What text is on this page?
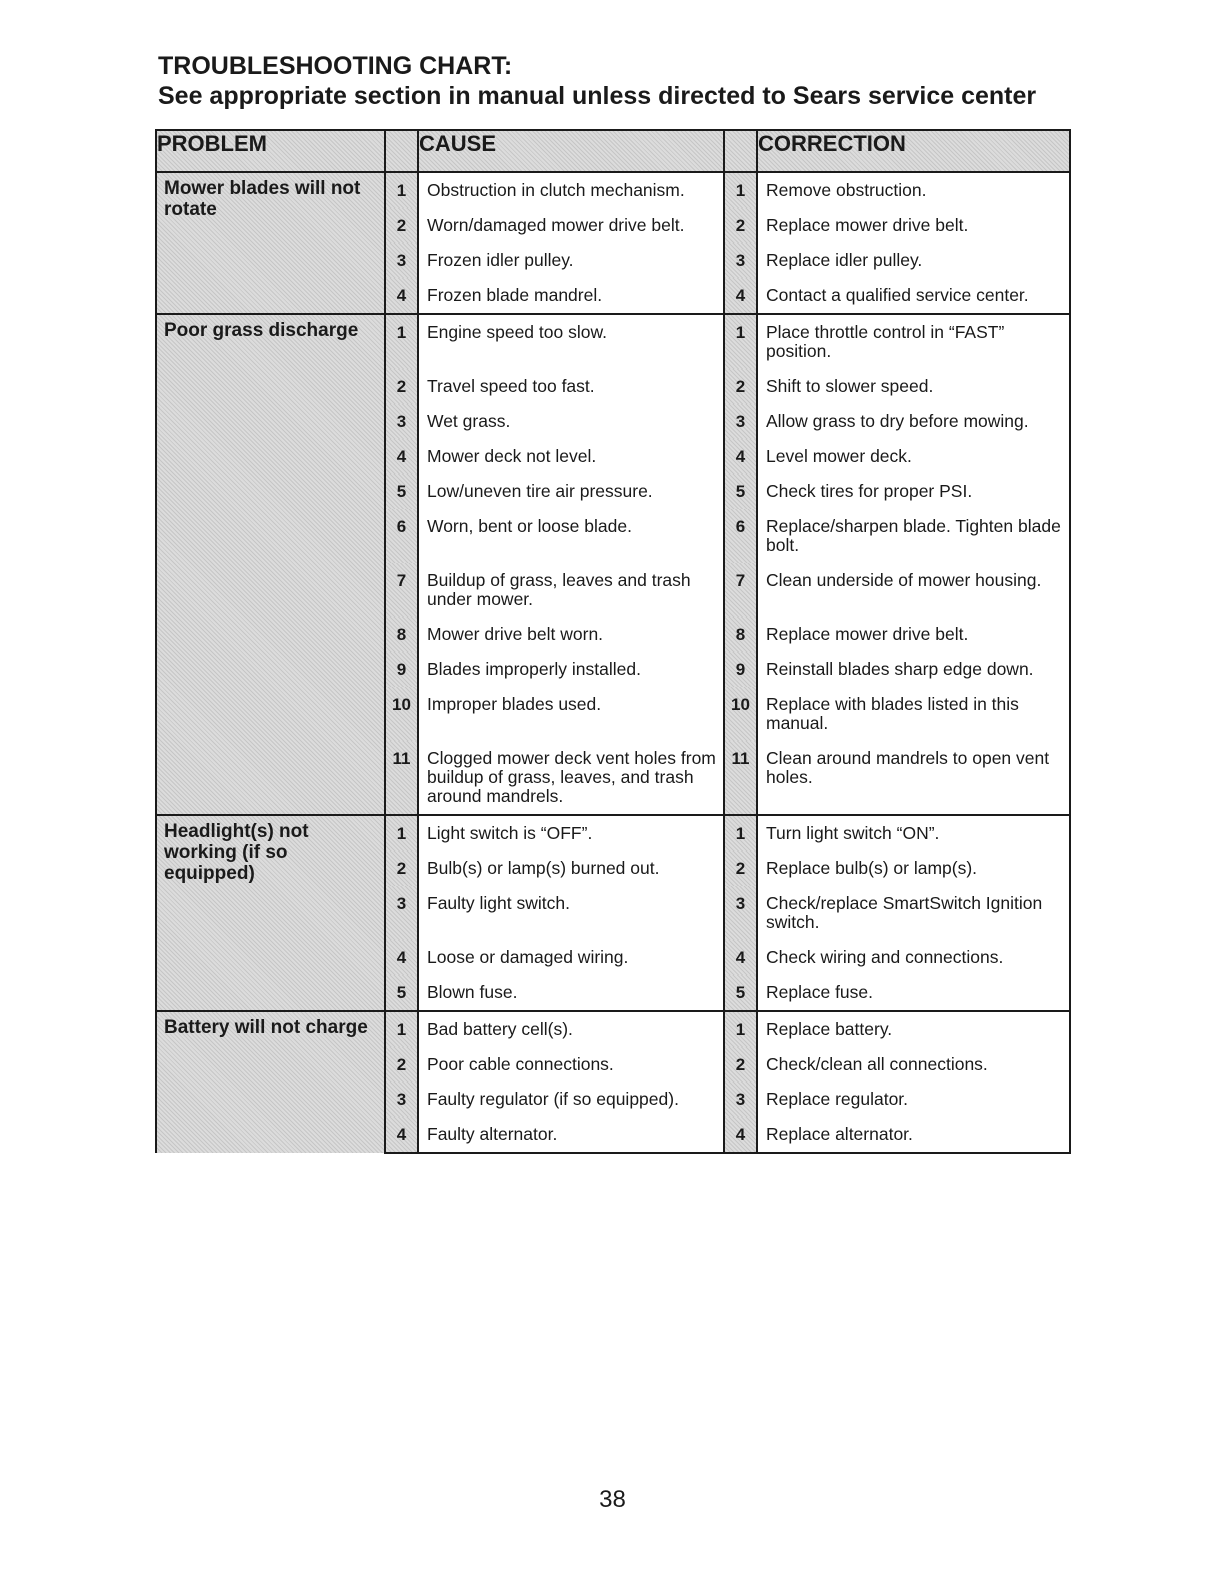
TROUBLESHOOTING CHART:
See appropriate section in manual unless directed to Sears service center
PROBLEM		CAUSE		CORRECTION
Mower blades will not rotate	1	Obstruction in clutch mechanism.	1	Remove obstruction.
	2	Worn/damaged mower drive belt.	2	Replace mower drive belt.
	3	Frozen idler pulley.	3	Replace idler pulley.
	4	Frozen blade mandrel.	4	Contact a qualified service center.
Poor grass discharge	1	Engine speed too slow.	1	Place throttle control in “FAST” position.
	2	Travel speed too fast.	2	Shift to slower speed.
	3	Wet grass.	3	Allow grass to dry before mowing.
	4	Mower deck not level.	4	Level mower deck.
	5	Low/uneven tire air pressure.	5	Check tires for proper PSI.
	6	Worn, bent or loose blade.	6	Replace/sharpen blade. Tighten blade bolt.
	7	Buildup of grass, leaves and trash under mower.	7	Clean underside of mower housing.
	8	Mower drive belt worn.	8	Replace mower drive belt.
	9	Blades improperly installed.	9	Reinstall blades sharp edge down.
	10	Improper blades used.	10	Replace with blades listed in this manual.
	11	Clogged mower deck vent holes from buildup of grass, leaves, and trash around mandrels.	11	Clean around mandrels to open vent holes.
Headlight(s) not working (if so equipped)	1	Light switch is “OFF”.	1	Turn light switch “ON”.
	2	Bulb(s) or lamp(s) burned out.	2	Replace bulb(s) or lamp(s).
	3	Faulty light switch.	3	Check/replace SmartSwitch Ignition switch.
	4	Loose or damaged wiring.	4	Check wiring and connections.
	5	Blown fuse.	5	Replace fuse.
Battery will not charge	1	Bad battery cell(s).	1	Replace battery.
	2	Poor cable connections.	2	Check/clean all connections.
	3	Faulty regulator (if so equipped).	3	Replace regulator.
	4	Faulty alternator.	4	Replace alternator.
38
